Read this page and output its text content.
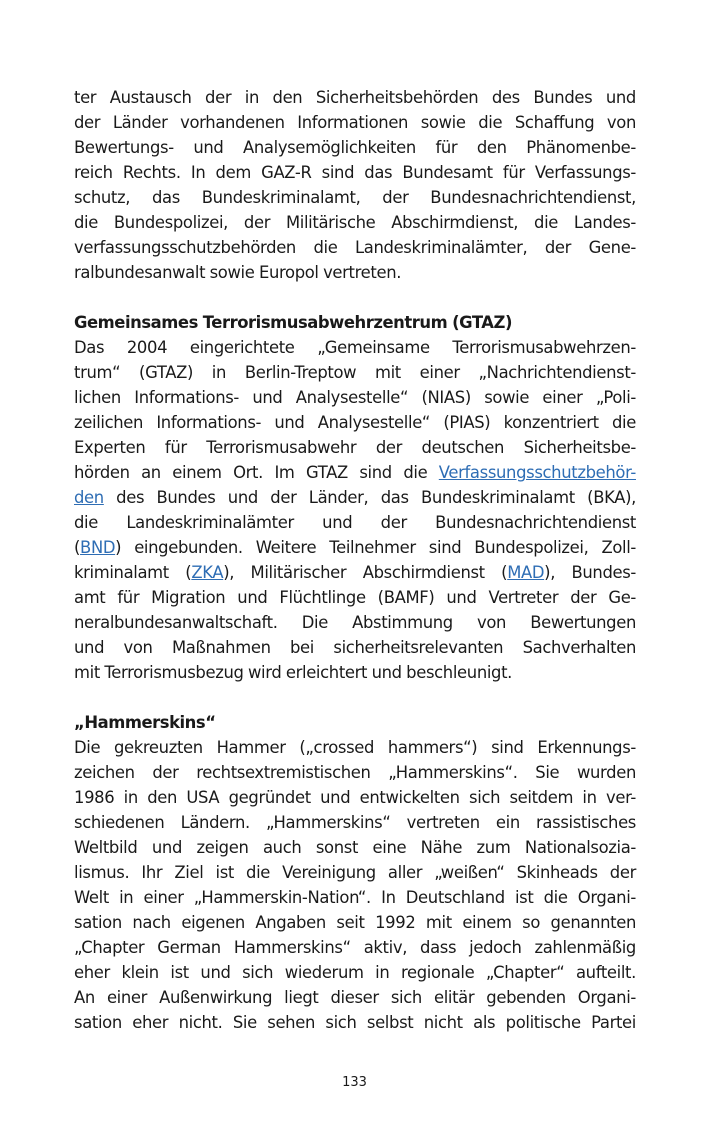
ter Austausch der in den Sicherheitsbehörden des Bundes und
der Länder vorhandenen Informationen sowie die Schaffung von
Bewertungs- und Analysemöglichkeiten für den Phänomenbe-
reich Rechts. In dem GAZ-R sind das Bundesamt für Verfassungs-
schutz, das Bundeskriminalamt, der Bundesnachrichtendienst,
die Bundespolizei, der Militärische Abschirmdienst, die Landes-
verfassungsschutzbehörden die Landeskriminalämter, der Gene-
ralbundesanwalt sowie Europol vertreten.
Gemeinsames Terrorismusabwehrzentrum (GTAZ)
Das 2004 eingerichtete „Gemeinsame Terrorismusabwehrzen-
trum“ (GTAZ) in Berlin-Treptow mit einer „Nachrichtendienst-
lichen Informations- und Analysestelle“ (NIAS) sowie einer „Poli-
zeilichen Informations- und Analysestelle“ (PIAS) konzentriert die
Experten für Terrorismusabwehr der deutschen Sicherheitsbe-
hörden an einem Ort. Im GTAZ sind die Verfassungsschutzbehör-
den des Bundes und der Länder, das Bundeskriminalamt (BKA),
die Landeskriminalämter und der Bundesnachrichtendienst
(BND) eingebunden. Weitere Teilnehmer sind Bundespolizei, Zoll-
kriminalamt (ZKA), Militärischer Abschirmdienst (MAD), Bundes-
amt für Migration und Flüchtlinge (BAMF) und Vertreter der Ge-
neralbundesanwaltschaft. Die Abstimmung von Bewertungen
und von Maßnahmen bei sicherheitsrelevanten Sachverhalten
mit Terrorismusbezug wird erleichtert und beschleunigt.
„Hammerskins“
Die gekreuzten Hammer („crossed hammers“) sind Erkennungs-
zeichen der rechtsextremistischen „Hammerskins“. Sie wurden
1986 in den USA gegründet und entwickelten sich seitdem in ver-
schiedenen Ländern. „Hammerskins“ vertreten ein rassistisches
Weltbild und zeigen auch sonst eine Nähe zum Nationalsozia-
lismus. Ihr Ziel ist die Vereinigung aller „weißen“ Skinheads der
Welt in einer „Hammerskin-Nation“. In Deutschland ist die Organi-
sation nach eigenen Angaben seit 1992 mit einem so genannten
„Chapter German Hammerskins“ aktiv, dass jedoch zahlenmäßig
eher klein ist und sich wiederum in regionale „Chapter“ aufteilt.
An einer Außenwirkung liegt dieser sich elitär gebenden Organi-
sation eher nicht. Sie sehen sich selbst nicht als politische Partei
133
